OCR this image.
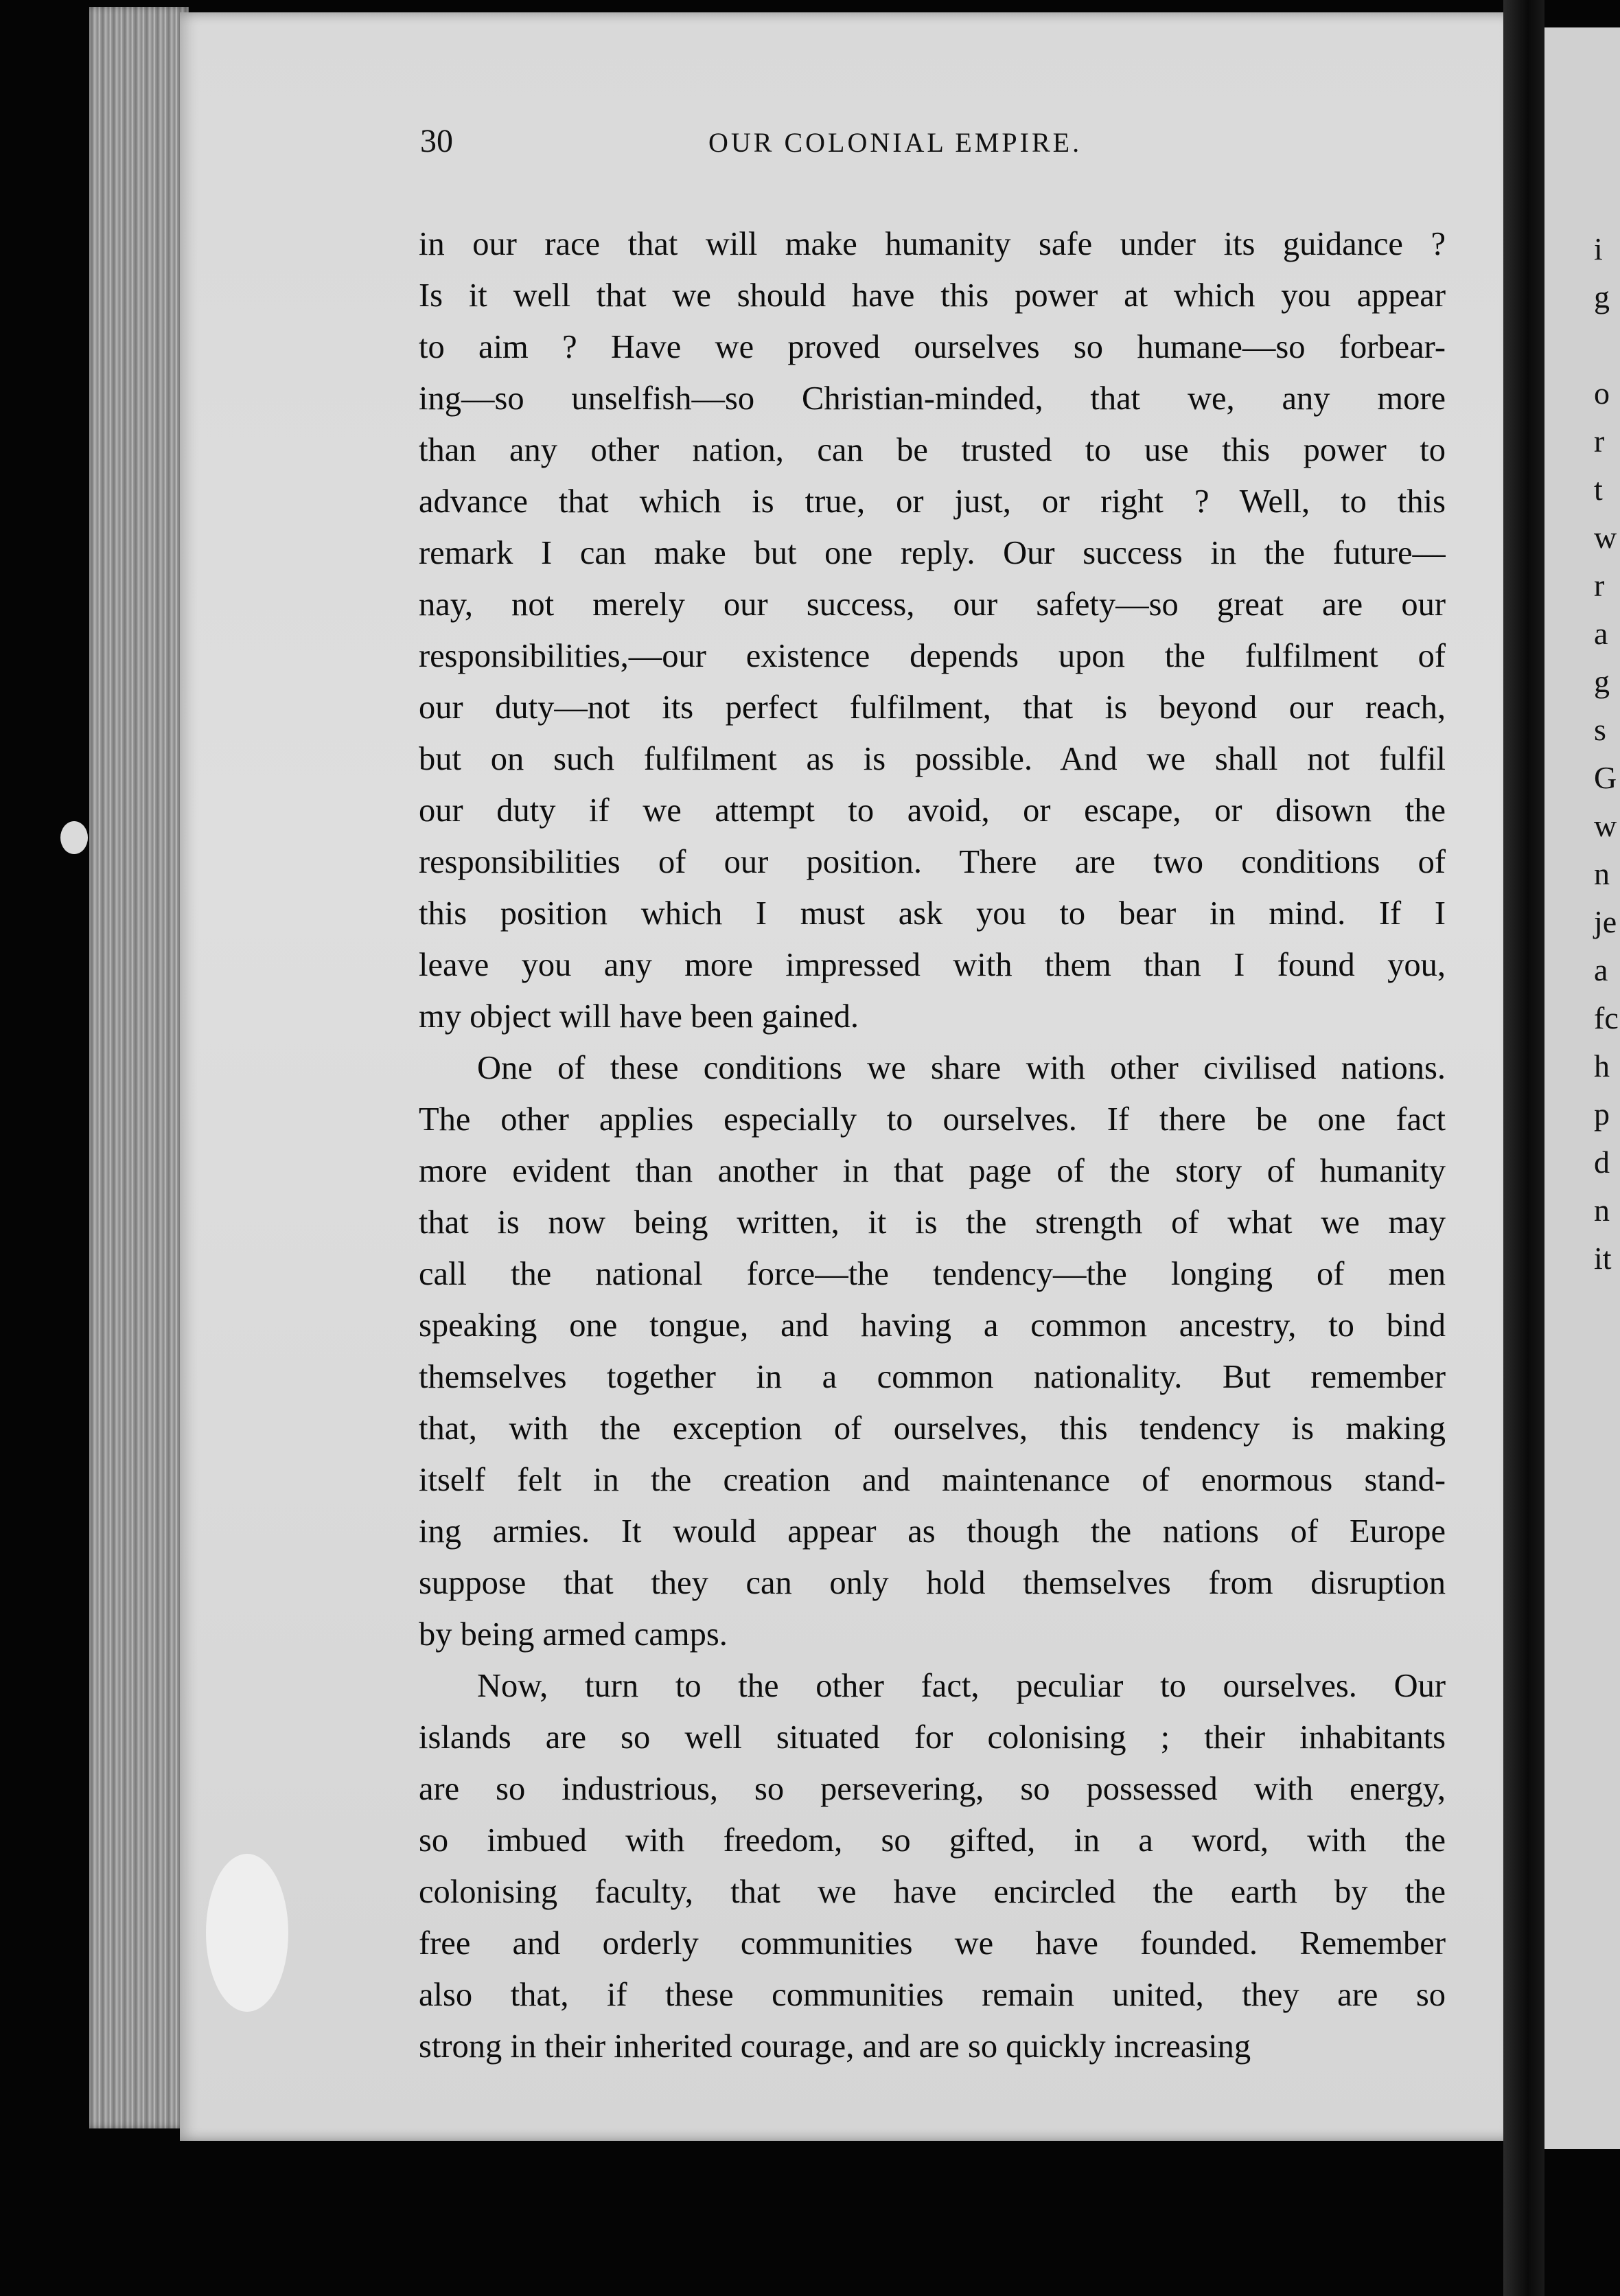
i
g
o
r
t
w
r
a
g
s
G
w
n
je
a
fc
h
p
d
n
it
30	OUR COLONIAL EMPIRE.
in our race that will make humanity safe under its guidance ?
Is it well that we should have this power at which you appear
to aim ? Have we proved ourselves so humane—so forbear-
ing—so unselfish—so Christian-minded, that we, any more
than any other nation, can be trusted to use this power to
advance that which is true, or just, or right ? Well, to this
remark I can make but one reply. Our success in the future—
nay, not merely our success, our safety—so great are our
responsibilities,—our existence depends upon the fulfilment of
our duty—not its perfect fulfilment, that is beyond our reach,
but on such fulfilment as is possible. And we shall not fulfil
our duty if we attempt to avoid, or escape, or disown the
responsibilities of our position. There are two conditions of
this position which I must ask you to bear in mind. If I
leave you any more impressed with them than I found you,
my object will have been gained.
One of these conditions we share with other civilised nations.
The other applies especially to ourselves. If there be one fact
more evident than another in that page of the story of humanity
that is now being written, it is the strength of what we may
call the national force—the tendency—the longing of men
speaking one tongue, and having a common ancestry, to bind
themselves together in a common nationality. But remember
that, with the exception of ourselves, this tendency is making
itself felt in the creation and maintenance of enormous stand-
ing armies. It would appear as though the nations of Europe
suppose that they can only hold themselves from disruption
by being armed camps.
Now, turn to the other fact, peculiar to ourselves. Our
islands are so well situated for colonising ; their inhabitants
are so industrious, so persevering, so possessed with energy,
so imbued with freedom, so gifted, in a word, with the
colonising faculty, that we have encircled the earth by the
free and orderly communities we have founded. Remember
also that, if these communities remain united, they are so
strong in their inherited courage, and are so quickly increasing
